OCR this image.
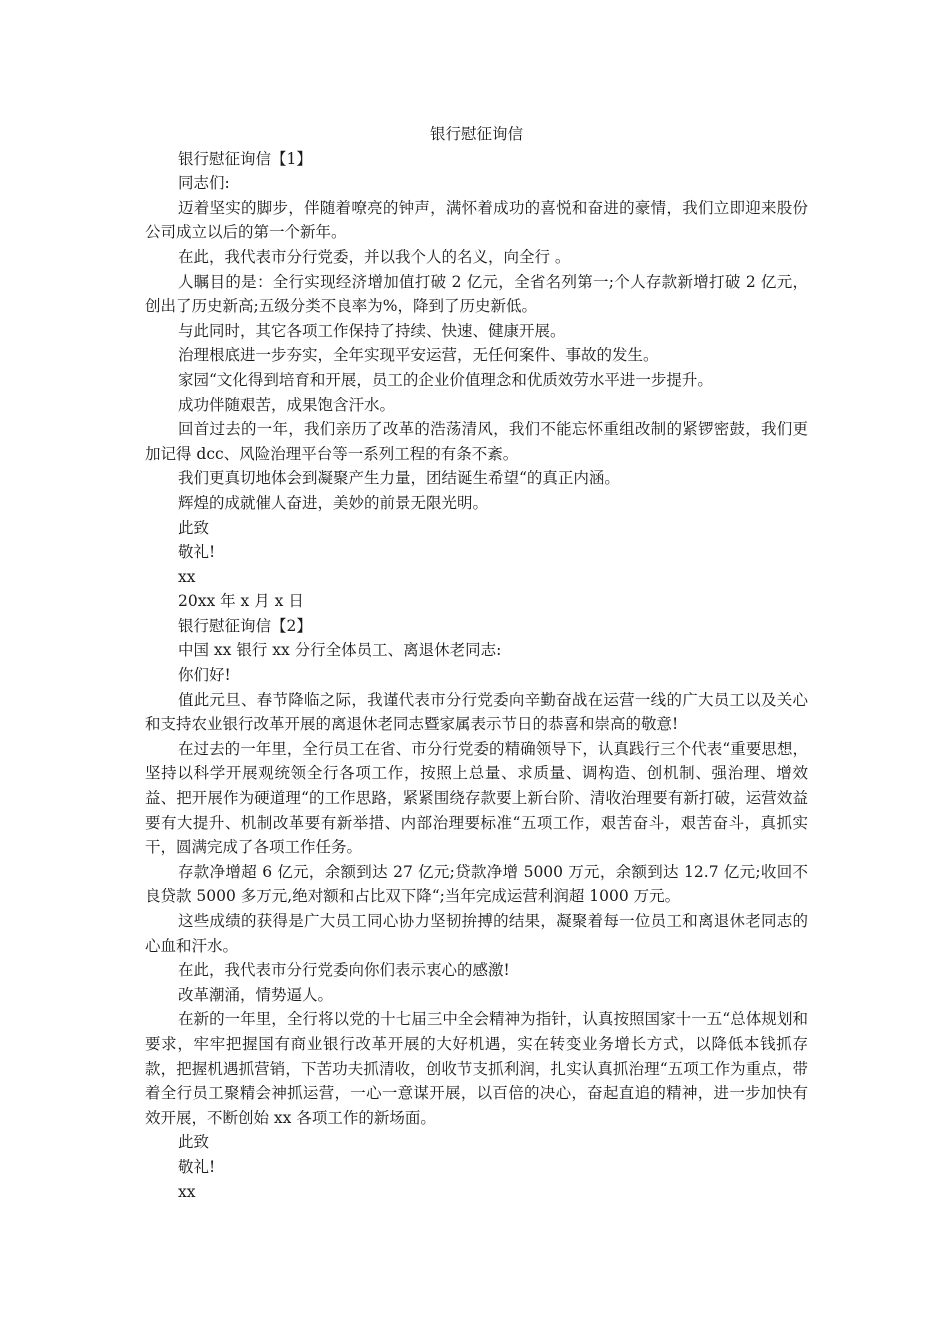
银行慰征询信

银行慰征询信【1】

同志们:

迈着坚实的脚步，伴随着嘹亮的钟声，满怀着成功的喜悦和奋进的豪情，我们立即迎来股份公司成立以后的第一个新年。

在此，我代表市分行党委，并以我个人的名义，向全行 。

人瞩目的是：全行实现经济增加值打破 2 亿元，全省名列第一;个人存款新增打破 2 亿元，创出了历史新高;五级分类不良率为%，降到了历史新低。

与此同时，其它各项工作保持了持续、快速、健康开展。

治理根底进一步夯实，全年实现平安运营，无任何案件、事故的发生。

家园“文化得到培育和开展，员工的企业价值理念和优质效劳水平进一步提升。

成功伴随艰苦，成果饱含汗水。

回首过去的一年，我们亲历了改革的浩荡清风，我们不能忘怀重组改制的紧锣密鼓，我们更加记得 dcc、风险治理平台等一系列工程的有条不紊。

我们更真切地体会到凝聚产生力量，团结诞生希望“的真正内涵。

辉煌的成就催人奋进，美妙的前景无限光明。

此致

敬礼!

xx

20xx 年 x 月 x 日

银行慰征询信【2】

中国 xx 银行 xx 分行全体员工、离退休老同志:

你们好!

值此元旦、春节降临之际，我谨代表市分行党委向辛勤奋战在运营一线的广大员工以及关心和支持农业银行改革开展的离退休老同志暨家属表示节日的恭喜和崇高的敬意!

在过去的一年里，全行员工在省、市分行党委的精确领导下，认真践行三个代表“重要思想，坚持以科学开展观统领全行各项工作，按照上总量、求质量、调构造、创机制、强治理、增效益、把开展作为硬道理“的工作思路，紧紧围绕存款要上新台阶、清收治理要有新打破，运营效益要有大提升、机制改革要有新举措、内部治理要标准“五项工作，艰苦奋斗，艰苦奋斗，真抓实干，圆满完成了各项工作任务。

存款净增超 6 亿元，余额到达 27 亿元;贷款净增 5000 万元，余额到达 12.7 亿元;收回不良贷款 5000 多万元,绝对额和占比双下降“;当年完成运营利润超 1000 万元。

这些成绩的获得是广大员工同心协力坚韧拚搏的结果，凝聚着每一位员工和离退休老同志的心血和汗水。

在此，我代表市分行党委向你们表示衷心的感激!

改革潮涌，情势逼人。

在新的一年里，全行将以党的十七届三中全会精神为指针，认真按照国家十一五“总体规划和要求，牢牢把握国有商业银行改革开展的大好机遇，实在转变业务增长方式，以降低本钱抓存款，把握机遇抓营销，下苦功夫抓清收，创收节支抓利润，扎实认真抓治理“五项工作为重点，带着全行员工聚精会神抓运营，一心一意谋开展，以百倍的决心，奋起直追的精神，进一步加快有效开展，不断创始 xx 各项工作的新场面。

此致

敬礼!

xx
